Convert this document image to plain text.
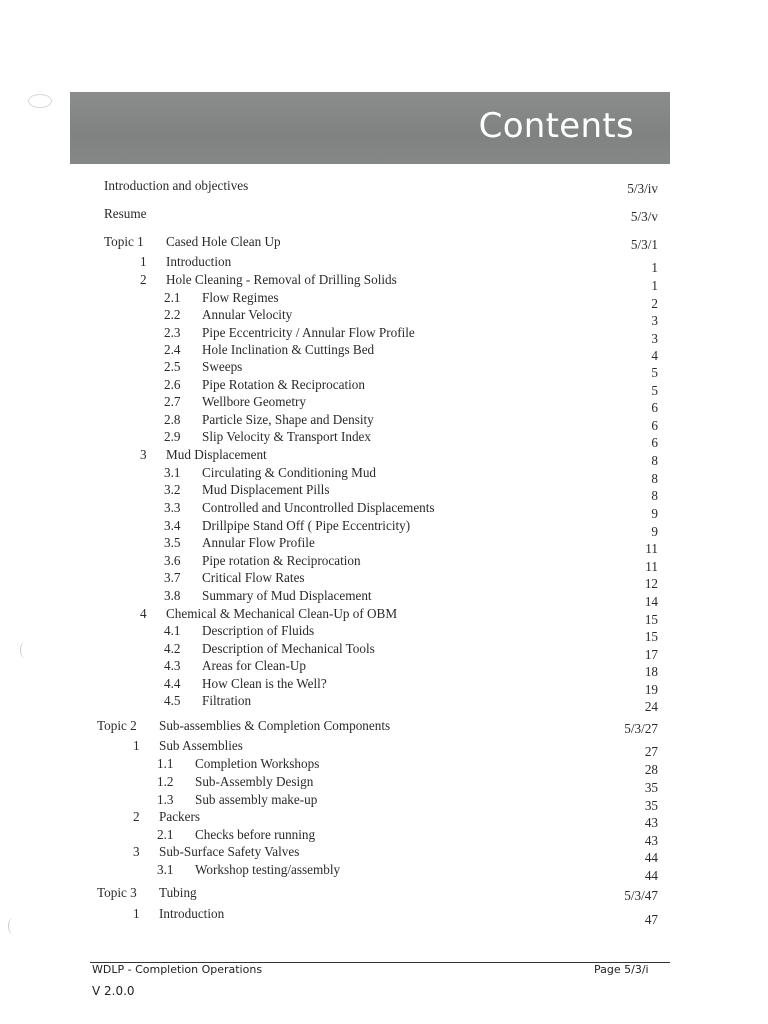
Contents
Introduction and objectives	5/3/iv
Resume	5/3/v
Topic 1 Cased Hole Clean Up	5/3/1
1 Introduction	1
2 Hole Cleaning - Removal of Drilling Solids	1
2.1 Flow Regimes	2
2.2 Annular Velocity	3
2.3 Pipe Eccentricity / Annular Flow Profile	3
2.4 Hole Inclination & Cuttings Bed	4
2.5 Sweeps	5
2.6 Pipe Rotation & Reciprocation	5
2.7 Wellbore Geometry	6
2.8 Particle Size, Shape and Density	6
2.9 Slip Velocity & Transport Index	6
3 Mud Displacement	8
3.1 Circulating & Conditioning Mud	8
3.2 Mud Displacement Pills	8
3.3 Controlled and Uncontrolled Displacements	9
3.4 Drillpipe Stand Off ( Pipe Eccentricity)	9
3.5 Annular Flow Profile	11
3.6 Pipe rotation & Reciprocation	11
3.7 Critical Flow Rates	12
3.8 Summary of Mud Displacement	14
4 Chemical & Mechanical Clean-Up of OBM	15
4.1 Description of Fluids	15
4.2 Description of Mechanical Tools	17
4.3 Areas for Clean-Up	18
4.4 How Clean is the Well?	19
4.5 Filtration	24
Topic 2 Sub-assemblies & Completion Components	5/3/27
1 Sub Assemblies	27
1.1 Completion Workshops	28
1.2 Sub-Assembly Design	35
1.3 Sub assembly make-up	35
2 Packers	43
2.1 Checks before running	43
3 Sub-Surface Safety Valves	44
3.1 Workshop testing/assembly	44
Topic 3 Tubing	5/3/47
1 Introduction	47
WDLP - Completion Operations	Page 5/3/i
V 2.0.0
